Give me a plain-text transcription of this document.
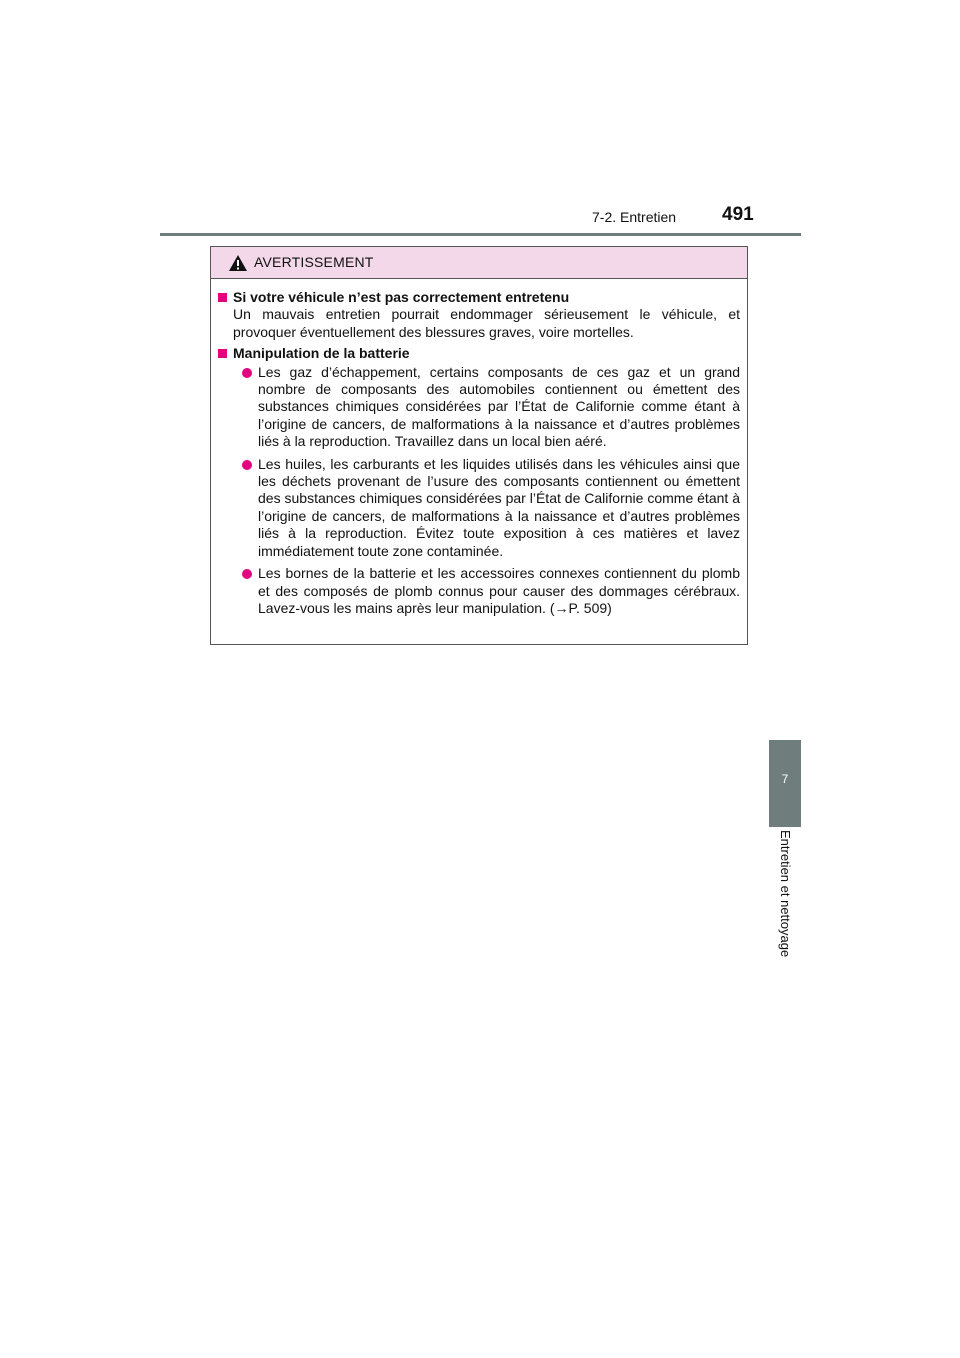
7-2. Entretien 491
7
Entretien et nettoyage
AVERTISSEMENT
Si votre véhicule n’est pas correctement entretenu
Un mauvais entretien pourrait endommager sérieusement le véhicule, et provoquer éventuellement des blessures graves, voire mortelles.
Manipulation de la batterie
Les gaz d’échappement, certains composants de ces gaz et un grand nombre de composants des automobiles contiennent ou émettent des substances chimiques considérées par l’État de Californie comme étant à l’origine de cancers, de malformations à la naissance et d’autres problèmes liés à la reproduction. Travaillez dans un local bien aéré.
Les huiles, les carburants et les liquides utilisés dans les véhicules ainsi que les déchets provenant de l’usure des composants contiennent ou émettent des substances chimiques considérées par l’État de Californie comme étant à l’origine de cancers, de malformations à la naissance et d’autres problèmes liés à la reproduction. Évitez toute exposition à ces matières et lavez immédiatement toute zone contaminée.
Les bornes de la batterie et les accessoires connexes contiennent du plomb et des composés de plomb connus pour causer des dommages cérébraux. Lavez-vous les mains après leur manipulation. (→P. 509)
